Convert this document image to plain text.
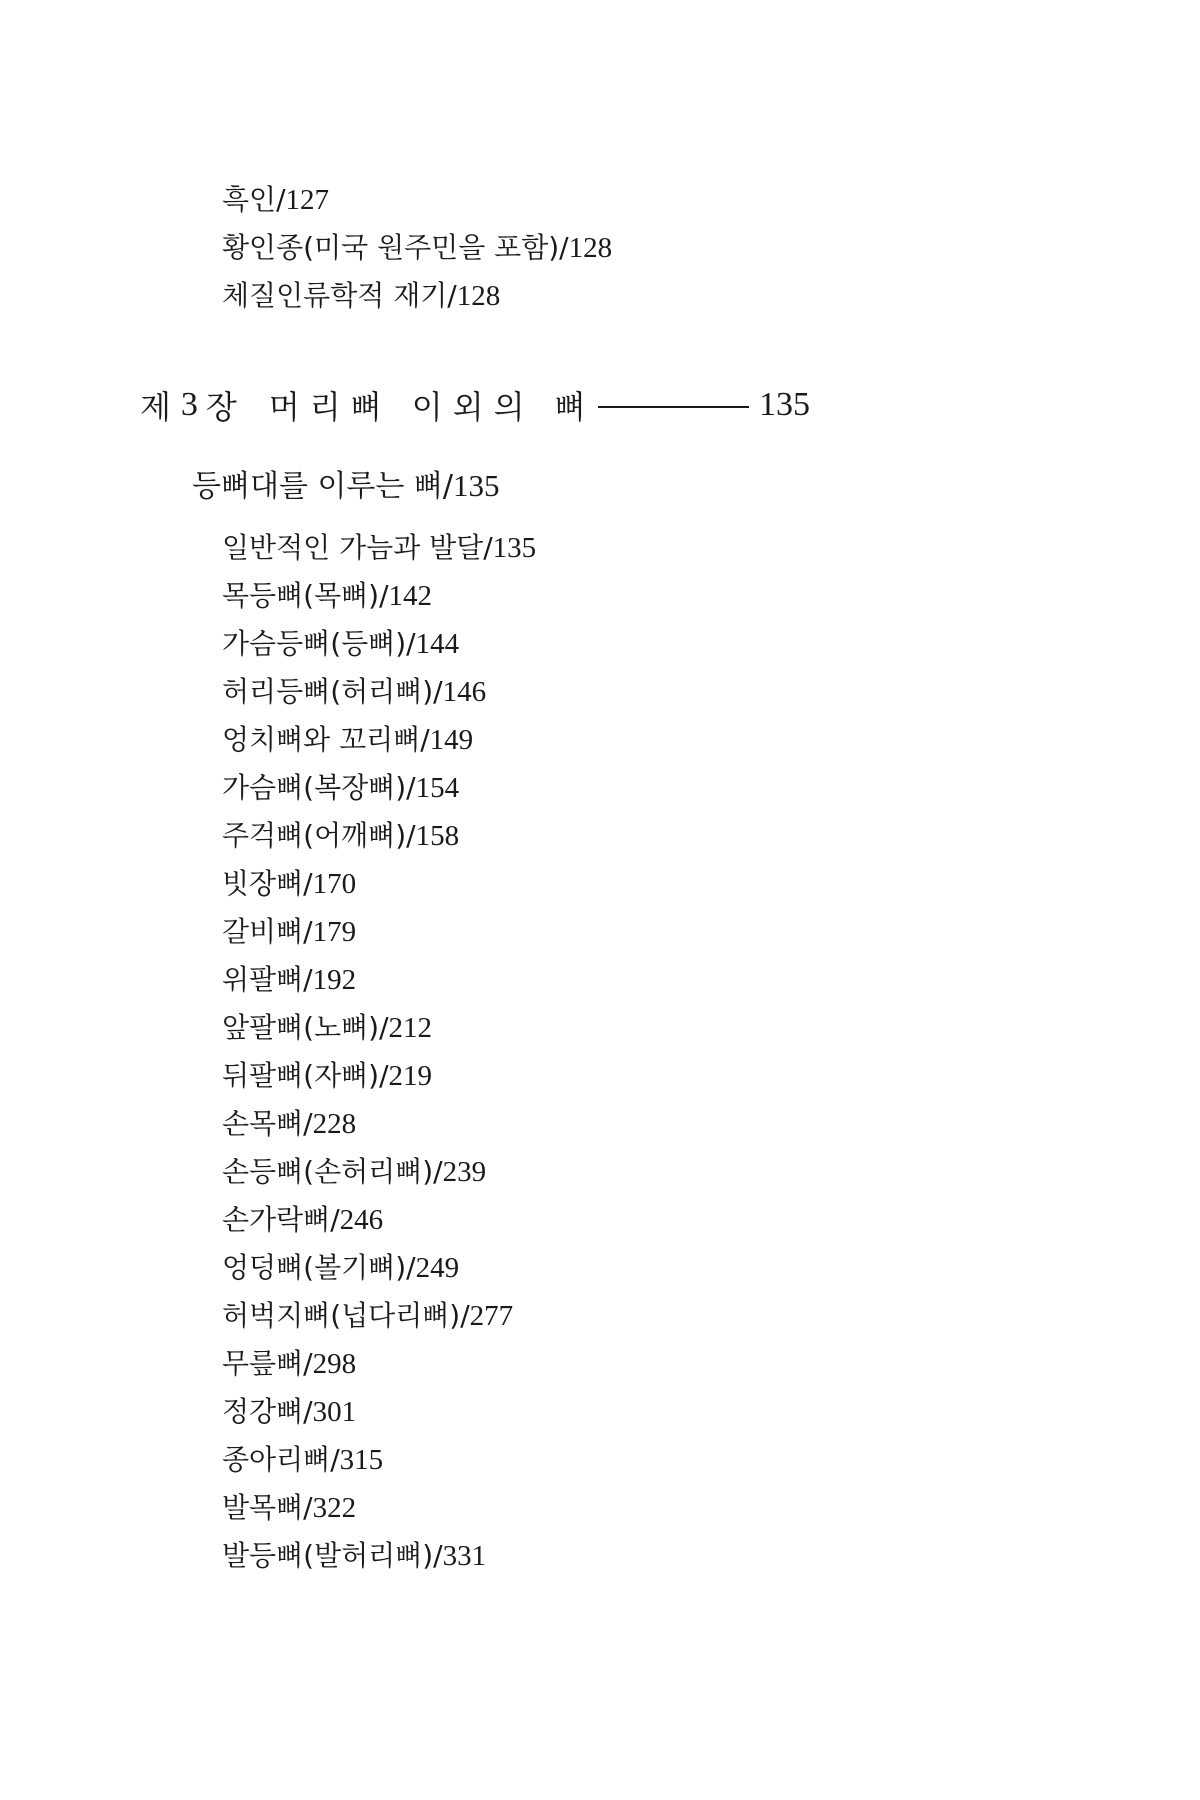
흑인/127
황인종(미국 원주민을 포함)/128
체질인류학적 재기/128
제 3 장 머리뼈 이외의 뼈	135
등뼈대를 이루는 뼈/135
일반적인 가늠과 발달/135
목등뼈(목뼈)/142
가슴등뼈(등뼈)/144
허리등뼈(허리뼈)/146
엉치뼈와 꼬리뼈/149
가슴뼈(복장뼈)/154
주걱뼈(어깨뼈)/158
빗장뼈/170
갈비뼈/179
위팔뼈/192
앞팔뼈(노뼈)/212
뒤팔뼈(자뼈)/219
손목뼈/228
손등뼈(손허리뼈)/239
손가락뼈/246
엉덩뼈(볼기뼈)/249
허벅지뼈(넙다리뼈)/277
무릎뼈/298
정강뼈/301
종아리뼈/315
발목뼈/322
발등뼈(발허리뼈)/331
